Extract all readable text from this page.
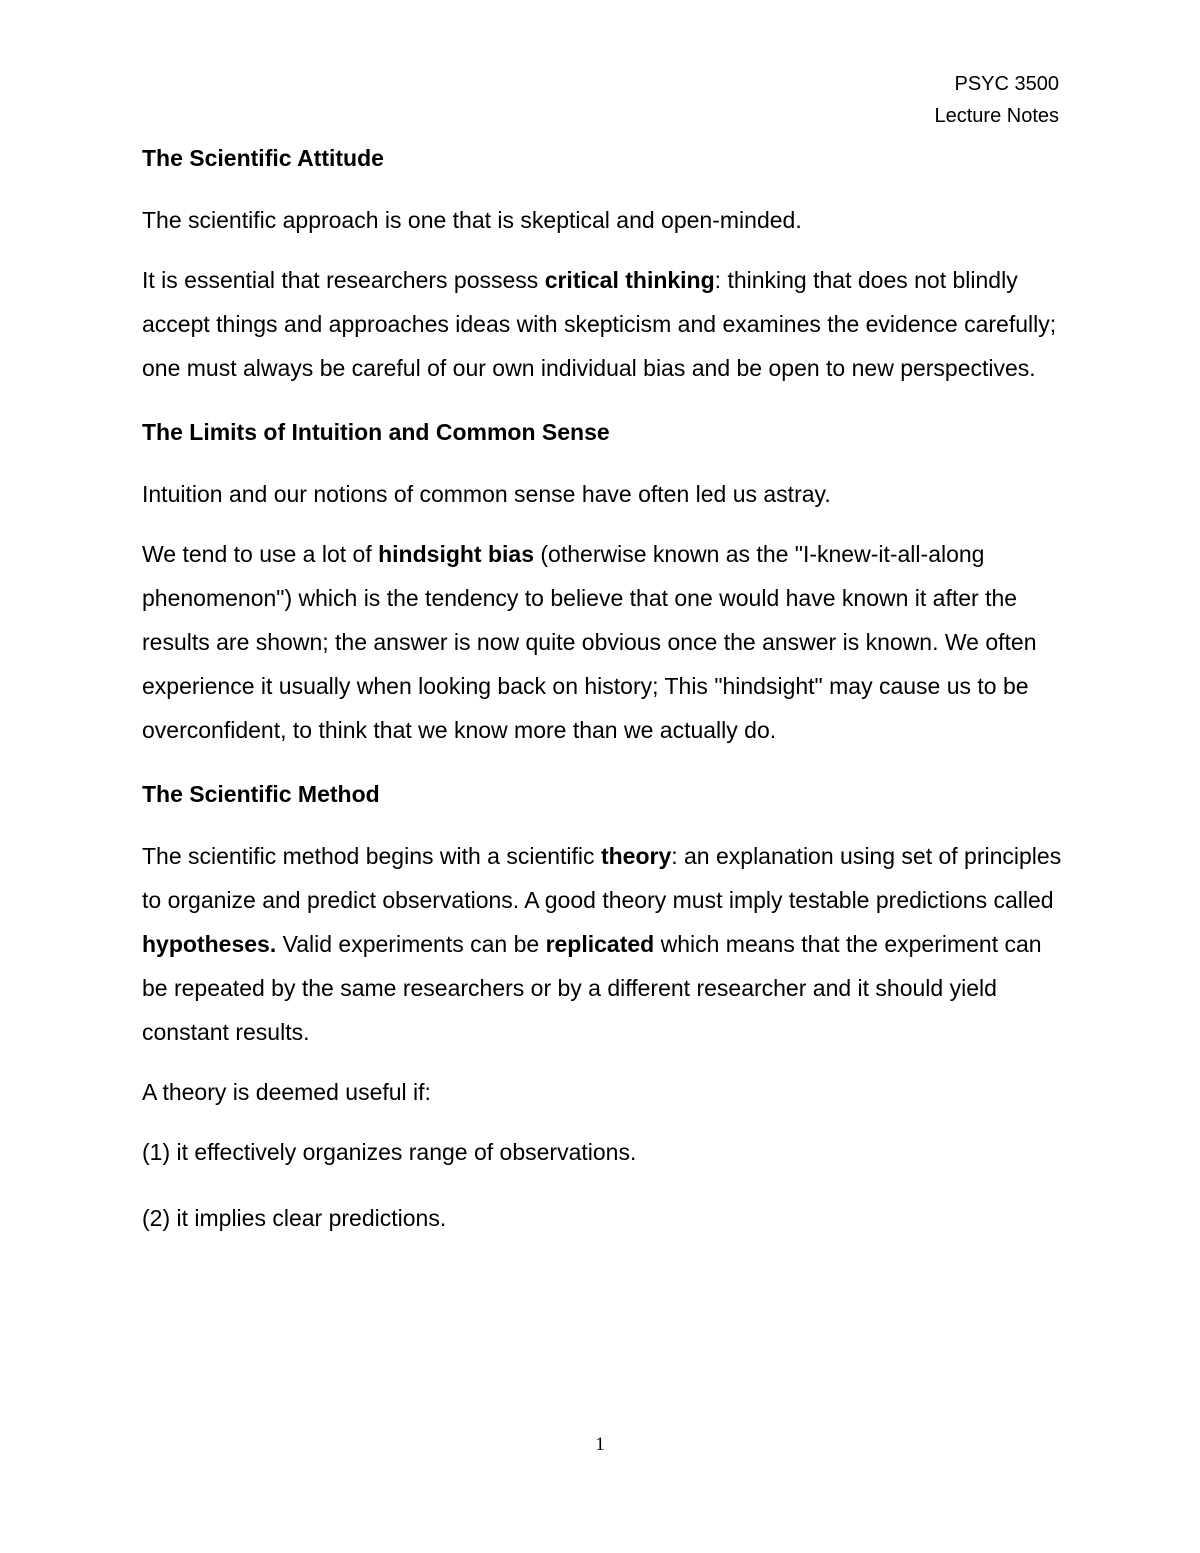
PSYC 3500
Lecture Notes
The Scientific Attitude

The scientific approach is one that is skeptical and open-minded.

It is essential that researchers possess critical thinking: thinking that does not blindly accept things and approaches ideas with skepticism and examines the evidence carefully; one must always be careful of our own individual bias and be open to new perspectives.

The Limits of Intuition and Common Sense

Intuition and our notions of common sense have often led us astray.

We tend to use a lot of hindsight bias (otherwise known as the "I-knew-it-all-along phenomenon") which is the tendency to believe that one would have known it after the results are shown; the answer is now quite obvious once the answer is known. We often experience it usually when looking back on history; This "hindsight" may cause us to be overconfident, to think that we know more than we actually do.

The Scientific Method

The scientific method begins with a scientific theory: an explanation using set of principles to organize and predict observations. A good theory must imply testable predictions called hypotheses. Valid experiments can be replicated which means that the experiment can be repeated by the same researchers or by a different researcher and it should yield constant results.

A theory is deemed useful if:

(1) it effectively organizes range of observations.

(2) it implies clear predictions.

1
